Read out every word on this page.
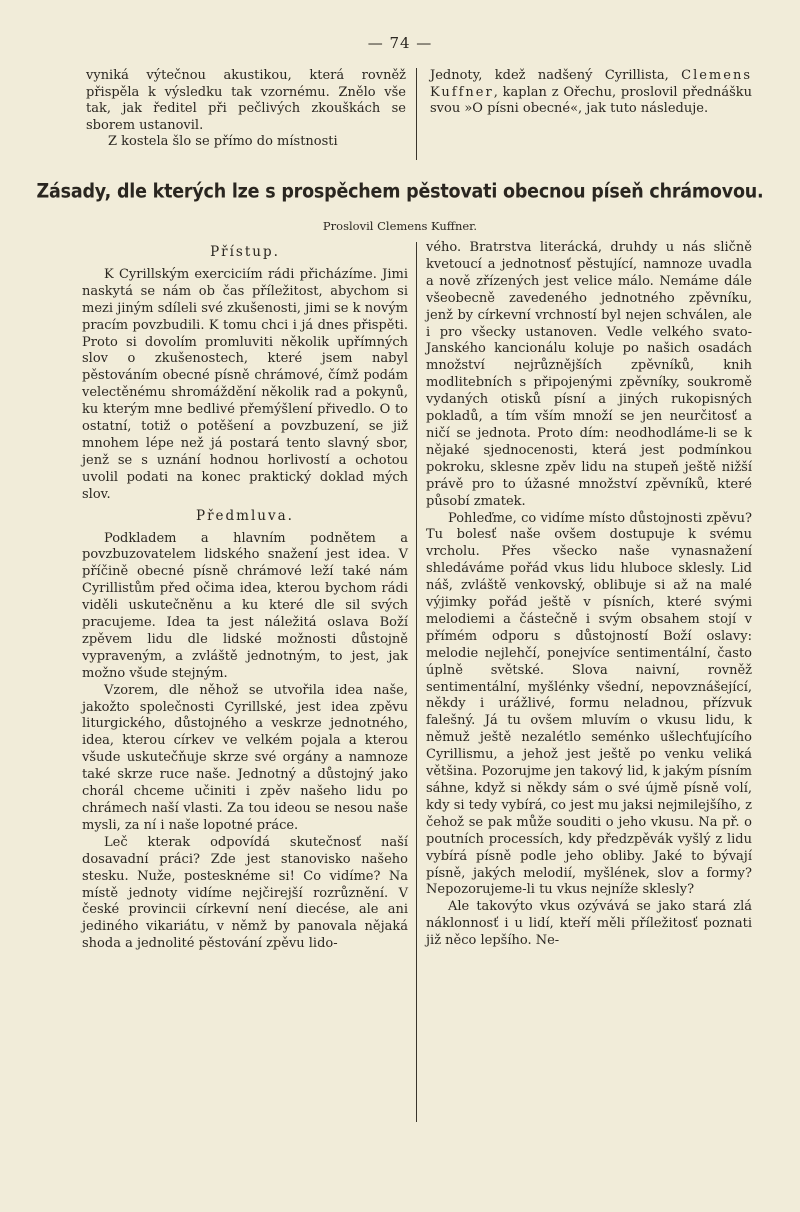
— 74 —

vyniká výtečnou akustikou, která rovněž přispěla k výsledku tak vzornému. Znělo vše tak, jak ředitel při pečlivých zkouškách se sborem ustanovil.

Z kostela šlo se přímo do místnosti

Jednoty, kdež nadšený Cyrillista, Clemens Kuffner, kaplan z Ořechu, proslovil přednášku svou »O písni obecné«, jak tuto následuje.

Zásady, dle kterých lze s prospěchem pěstovati obecnou píseň chrámovou.
Proslovil Clemens Kuffner.
Přístup.

K Cyrillským exerciciím rádi přicházíme. Jimi naskytá se nám ob čas příležitost, abychom si mezi jiným sdíleli své zkušenosti, jimi se k novým pracím povzbudili. K tomu chci i já dnes přispěti. Proto si dovolím promluviti několik upřímných slov o zkušenostech, které jsem nabyl pěstováním obecné písně chrámové, čímž podám velectěnému shromáždění několik rad a pokynů, ku kterým mne bedlivé přemýšlení přivedlo. O to ostatní, totiž o potěšení a povzbuzení, se již mnohem lépe než já postará tento slavný sbor, jenž se s uznání hodnou horlivostí a ochotou uvolil podati na konec praktický doklad mých slov.

Předmluva.

Podkladem a hlavním podnětem a povzbuzovatelem lidského snažení jest idea. V příčině obecné písně chrámové leží také nám Cyrillistům před očima idea, kterou bychom rádi viděli uskutečněnu a ku které dle sil svých pracujeme. Idea ta jest náležitá oslava Boží zpěvem lidu dle lidské možnosti důstojně vypraveným, a zvláště jednotným, to jest, jak možno všude stejným.

Vzorem, dle něhož se utvořila idea naše, jakožto společnosti Cyrillské, jest idea zpěvu liturgického, důstojného a veskrze jednotného, idea, kterou církev ve velkém pojala a kterou všude uskutečňuje skrze své orgány a namnoze také skrze ruce naše. Jednotný a důstojný jako chorál chceme učiniti i zpěv našeho lidu po chrámech naší vlasti. Za tou ideou se nesou naše mysli, za ní i naše lopotné práce.

Leč kterak odpovídá skutečnosť naší dosavadní práci? Zde jest stanovisko našeho stesku. Nuže, postesknéme si! Co vidíme? Na místě jednoty vidíme nejčirejší rozrůznění. V české provincii církevní není diecése, ale ani jediného vikariátu, v němž by panovala nějaká shoda a jednolité pěstování zpěvu lido-

vého. Bratrstva literácká, druhdy u nás sličně kvetoucí a jednotnosť pěstující, namnoze uvadla a nově zřízených jest velice málo. Nemáme dále všeobecně zavedeného jednotného zpěvníku, jenž by církevní vrchností byl nejen schválen, ale i pro všecky ustanoven. Vedle velkého svato-Janského kancionálu koluje po našich osadách množství nejrůznějších zpěvníků, knih modlitebních s připojenými zpěvníky, soukromě vydaných otisků písní a jiných rukopisných pokladů, a tím vším množí se jen neurčitosť a ničí se jednota. Proto dím: neodhodláme-li se k nějaké sjednocenosti, která jest podmínkou pokroku, sklesne zpěv lidu na stupeň ještě nižší právě pro to úžasné množství zpěvníků, které působí zmatek.

Pohleďme, co vidíme místo důstojnosti zpěvu? Tu bolesť naše ovšem dostupuje k svému vrcholu. Přes všecko naše vynasnažení shledáváme pořád vkus lidu hluboce sklesly. Lid náš, zvláště venkovský, oblibuje si až na malé výjimky pořád ještě v písních, které svými melodiemi a částečně i svým obsahem stojí v přímém odporu s důstojností Boží oslavy: melodie nejlehčí, ponejvíce sentimentální, často úplně světské. Slova naivní, rovněž sentimentální, myšlénky všední, nepovznášející, někdy i urážlivé, formu neladnou, přízvuk falešný. Já tu ovšem mluvím o vkusu lidu, k němuž ještě nezalétlo seménko ušlechťujícího Cyrillismu, a jehož jest ještě po venku veliká většina. Pozorujme jen takový lid, k jakým písním sáhne, když si někdy sám o své újmě písně volí, kdy si tedy vybírá, co jest mu jaksi nejmilejšího, z čehož se pak může souditi o jeho vkusu. Na př. o poutních processích, kdy předzpěvák vyšlý z lidu vybírá písně podle jeho obliby. Jaké to bývají písně, jakých melodií, myšlének, slov a formy? Nepozorujeme-li tu vkus nejníže sklesly?

Ale takovýto vkus ozývává se jako stará zlá náklonnosť i u lidí, kteří měli příležitosť poznati již něco lepšího. Ne-
